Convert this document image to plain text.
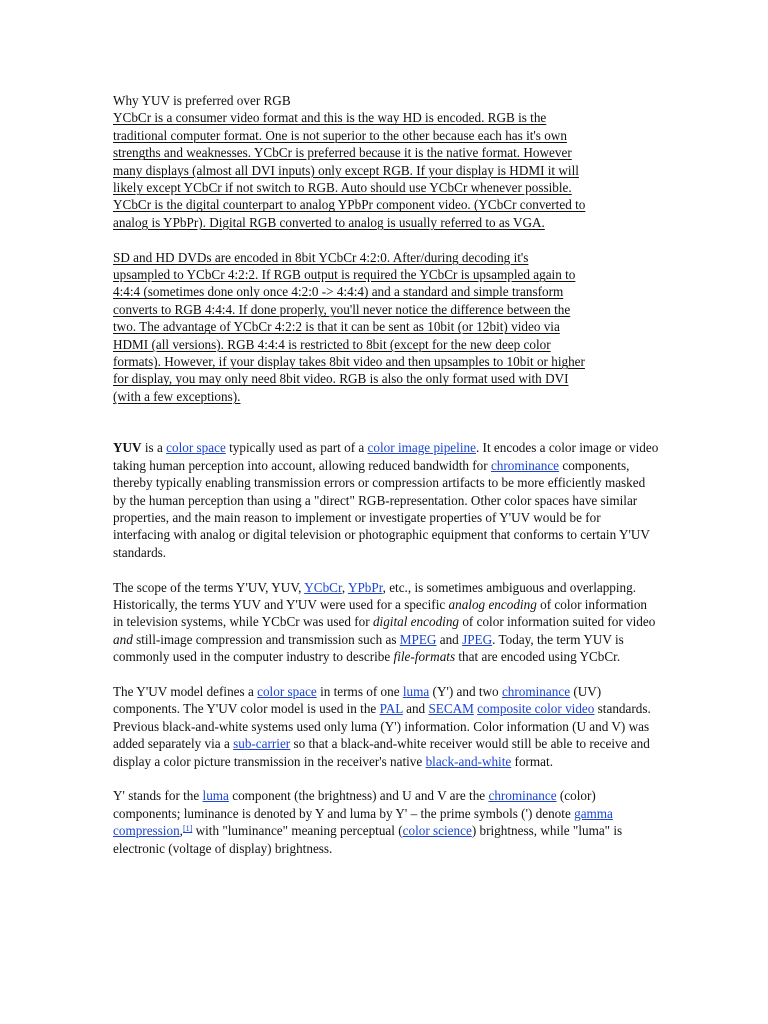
Why YUV is preferred over RGB
YCbCr is a consumer video format and this is the way HD is encoded. RGB is the
traditional computer format. One is not superior to the other because each has it's own
strengths and weaknesses. YCbCr is preferred because it is the native format. However
many displays (almost all DVI inputs) only except RGB. If your display is HDMI it will
likely except YCbCr if not switch to RGB. Auto should use YCbCr whenever possible.
YCbCr is the digital counterpart to analog YPbPr component video. (YCbCr converted to
analog is YPbPr). Digital RGB converted to analog is usually referred to as VGA.
SD and HD DVDs are encoded in 8bit YCbCr 4:2:0. After/during decoding it's
upsampled to YCbCr 4:2:2. If RGB output is required the YCbCr is upsampled again to
4:4:4 (sometimes done only once 4:2:0 -> 4:4:4) and a standard and simple transform
converts to RGB 4:4:4. If done properly, you'll never notice the difference between the
two. The advantage of YCbCr 4:2:2 is that it can be sent as 10bit (or 12bit) video via
HDMI (all versions). RGB 4:4:4 is restricted to 8bit (except for the new deep color
formats). However, if your display takes 8bit video and then upsamples to 10bit or higher
for display, you may only need 8bit video. RGB is also the only format used with DVI
(with a few exceptions).

YUV is a color space typically used as part of a color image pipeline. It encodes a color image or video taking human perception into account, allowing reduced bandwidth for chrominance components, thereby typically enabling transmission errors or compression artifacts to be more efficiently masked by the human perception than using a "direct" RGB-representation. Other color spaces have similar properties, and the main reason to implement or investigate properties of Y'UV would be for interfacing with analog or digital television or photographic equipment that conforms to certain Y'UV standards.

The scope of the terms Y'UV, YUV, YCbCr, YPbPr, etc., is sometimes ambiguous and overlapping. Historically, the terms YUV and Y'UV were used for a specific analog encoding of color information in television systems, while YCbCr was used for digital encoding of color information suited for video and still-image compression and transmission such as MPEG and JPEG. Today, the term YUV is commonly used in the computer industry to describe file-formats that are encoded using YCbCr.

The Y'UV model defines a color space in terms of one luma (Y') and two chrominance (UV) components. The Y'UV color model is used in the PAL and SECAM composite color video standards. Previous black-and-white systems used only luma (Y') information. Color information (U and V) was added separately via a sub-carrier so that a black-and-white receiver would still be able to receive and display a color picture transmission in the receiver's native black-and-white format.

Y' stands for the luma component (the brightness) and U and V are the chrominance (color) components; luminance is denoted by Y and luma by Y' – the prime symbols (') denote gamma compression,[1] with "luminance" meaning perceptual (color science) brightness, while "luma" is electronic (voltage of display) brightness.
